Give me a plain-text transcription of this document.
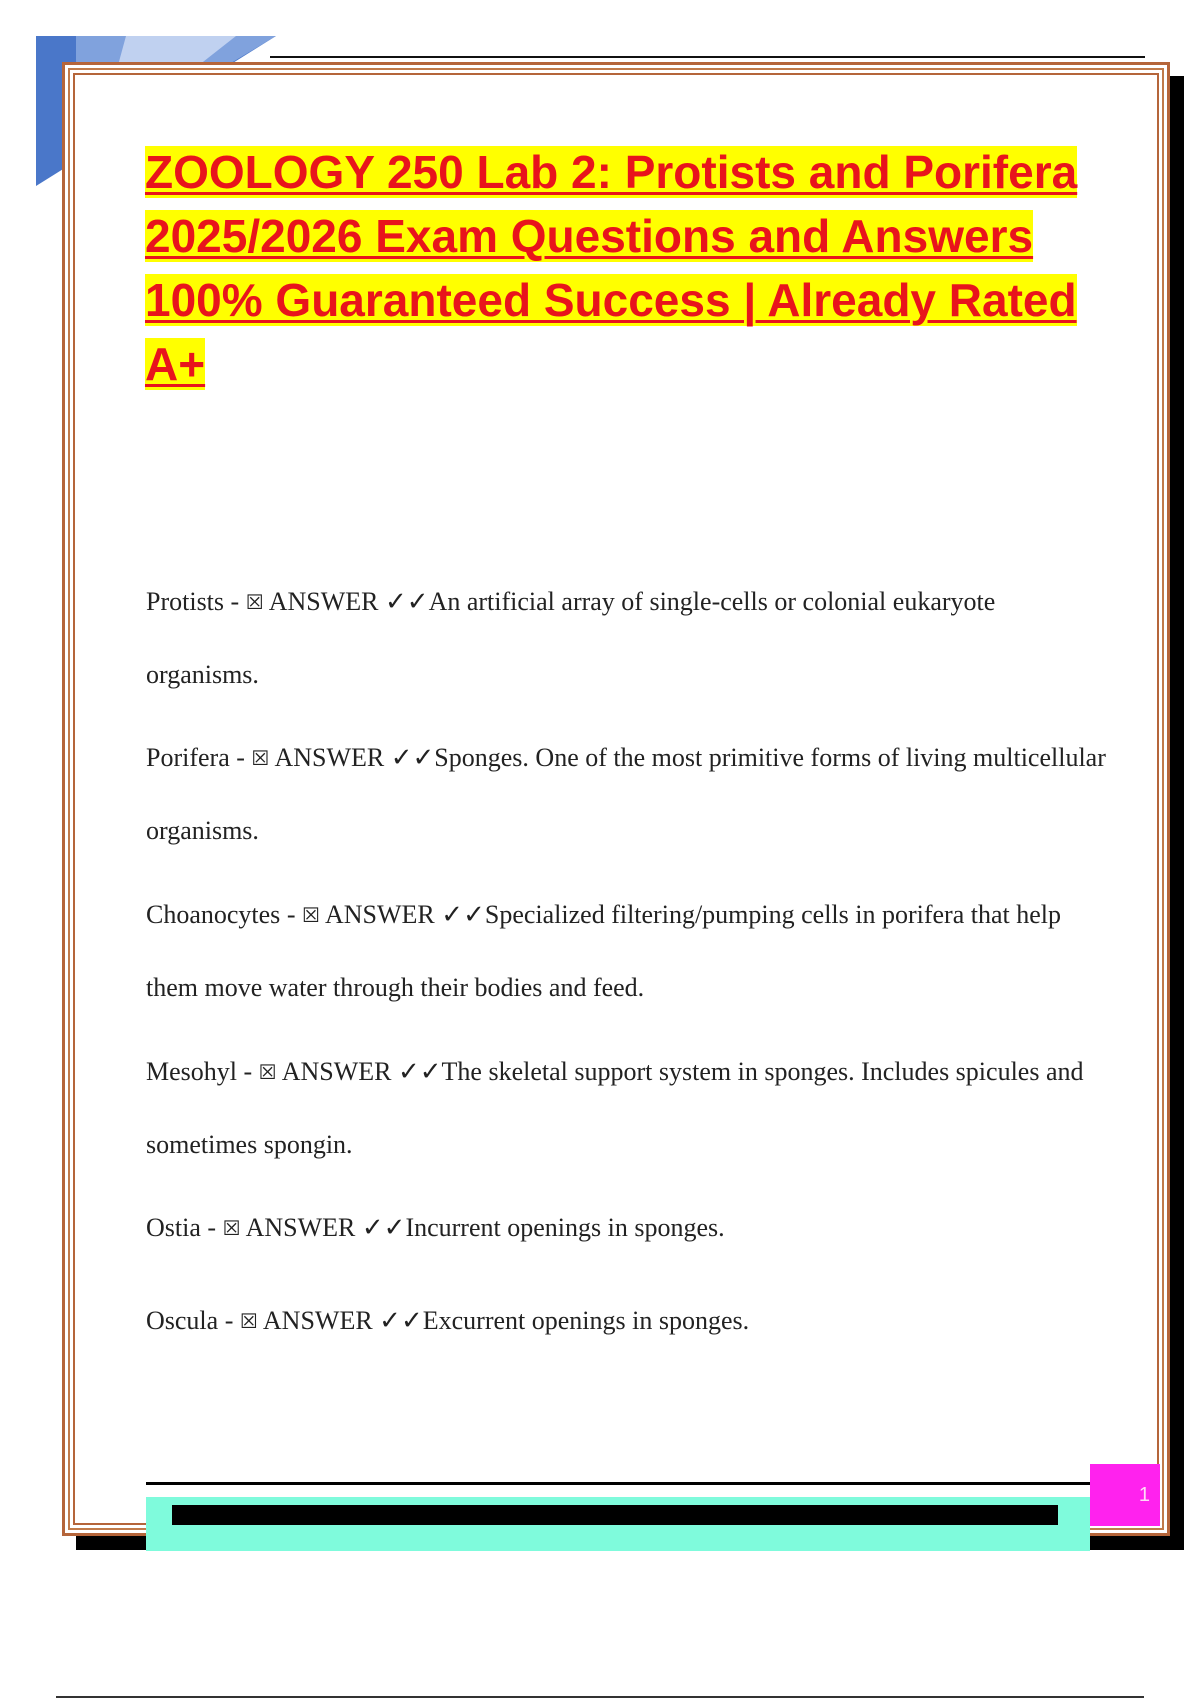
ZOOLOGY 250 Lab 2: Protists and Porifera 2025/2026 Exam Questions and Answers 100% Guaranteed Success | Already Rated A+
Protists - ☒ ANSWER ✓✓An artificial array of single-cells or colonial eukaryote organisms.
Porifera - ☒ ANSWER ✓✓Sponges. One of the most primitive forms of living multicellular organisms.
Choanocytes - ☒ ANSWER ✓✓Specialized filtering/pumping cells in porifera that help them move water through their bodies and feed.
Mesohyl - ☒ ANSWER ✓✓The skeletal support system in sponges. Includes spicules and sometimes spongin.
Ostia - ☒ ANSWER ✓✓Incurrent openings in sponges.
Oscula - ☒ ANSWER ✓✓Excurrent openings in sponges.
1
